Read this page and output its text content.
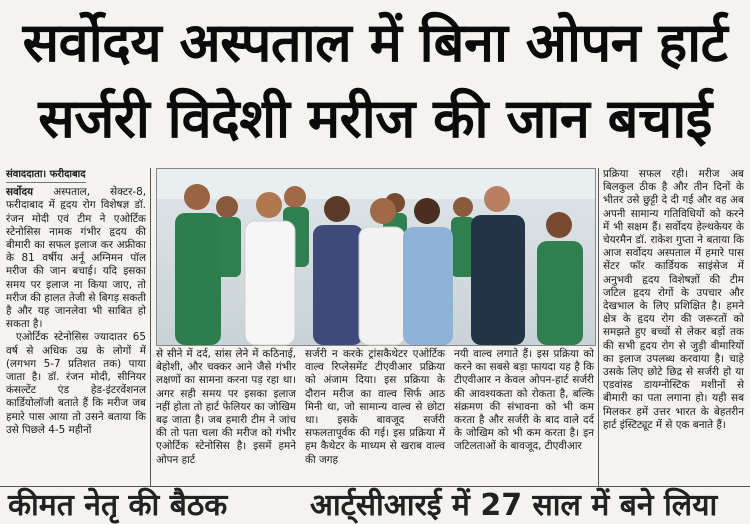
सर्वोदय अस्पताल में बिना ओपन हार्ट
सर्जरी विदेशी मरीज की जान बचाई
संवाददाता। फरीदाबाद

सर्वोदय अस्पताल, सेक्टर-8, फरीदाबाद में हृदय रोग विशेषज्ञ डॉ. रंजन मोदी एवं टीम ने एओर्टिक स्टेनोसिस नामक गंभीर हृदय की बीमारी का सफल इलाज कर अफ्रीका के 81 वर्षीय अर्नू अग्निमन पॉल मरीज की जान बचाई। यदि इसका समय पर इलाज ना किया जाए, तो मरीज की हालत तेजी से बिगड़ सकती है और यह जानलेवा भी साबित हो सकता है।

एओर्टिक स्टेनोसिस ज्यादातर 65 वर्ष से अधिक उम्र के लोगों में (लगभग 5-7 प्रतिशत तक) पाया जाता है। डॉ. रंजन मोदी, सीनियर कंसल्टेंट एंड हेड-इंटरवेंशनल कार्डियोलॉजी बताते हैं कि मरीज जब हमारे पास आया तो उसने बताया कि उसे पिछले 4-5 महीनों

से सीने में दर्द, सांस लेने में कठिनाई, बेहोशी, और चक्कर आने जैसे गंभीर लक्षणों का सामना करना पड़ रहा था। अगर सही समय पर इसका इलाज नहीं होता तो हार्ट फेलियर का जोखिम बढ़ जाता है। जब हमारी टीम ने जांच की तो पता चला की मरीज को गंभीर एओर्टिक स्टेनोसिस है। इसमें हमने ओपन हार्ट
सर्जरी न करके ट्रांसकैथेटर एओर्टिक वाल्व रिप्लेसमेंट टीएवीआर प्रक्रिया को अंजाम दिया। इस प्रक्रिया के दौरान मरीज का वाल्व सिर्फ आठ मिनी था, जो सामान्य वाल्व से छोटा था। इसके बावजूद सर्जरी सफलतापूर्वक की गई। इस प्रक्रिया में हम कैथेटर के माध्यम से खराब वाल्व की जगह
नयी वाल्व लगाते हैं। इस प्रक्रिया को करने का सबसे बड़ा फायदा यह है कि टीएवीआर न केवल ओपन-हार्ट सर्जरी की आवश्यकता को रोकता है, बल्कि संक्रमण की संभावना को भी कम करता है और सर्जरी के बाद वाले दर्द के जोखिम को भी कम करता है। इन जटिलताओं के बावजूद, टीएवीआर
प्रक्रिया सफल रही। मरीज अब बिलकुल ठीक है और तीन दिनों के भीतर उसे छुट्टी दे दी गई और वह अब अपनी सामान्य गतिविधियों को करने में भी सक्षम हैं। सर्वोदय हेल्थकेयर के चेयरमैन डॉ. राकेश गुप्ता ने बताया कि आज सर्वोदय अस्पताल में हमारे पास सेंटर फॉर कार्डियक साइंसेज में अनुभवी हृदय विशेषज्ञों की टीम जटिल हृदय रोगों के उपचार और देखभाल के लिए प्रशिक्षित है। हमने क्षेत्र के हृदय रोग की जरूरतों को समझते हुए बच्चों से लेकर बड़ों तक की सभी हृदय रोग से जुड़ी बीमारियों का इलाज उपलब्ध करवाया है। चाहे उसके लिए छोटे छिद्र से सर्जरी हो या एडवांस्ड डायग्नोस्टिक मशीनों से बीमारी का पता लगाना हो। यही सब मिलकर हमें उत्तर भारत के बेहतरीन हार्ट इंस्टिट्यूट में से एक बनाते हैं।
कीमत नेतृ की बैठक	आर्ट्सीआरई में 27 साल में बने लिया
